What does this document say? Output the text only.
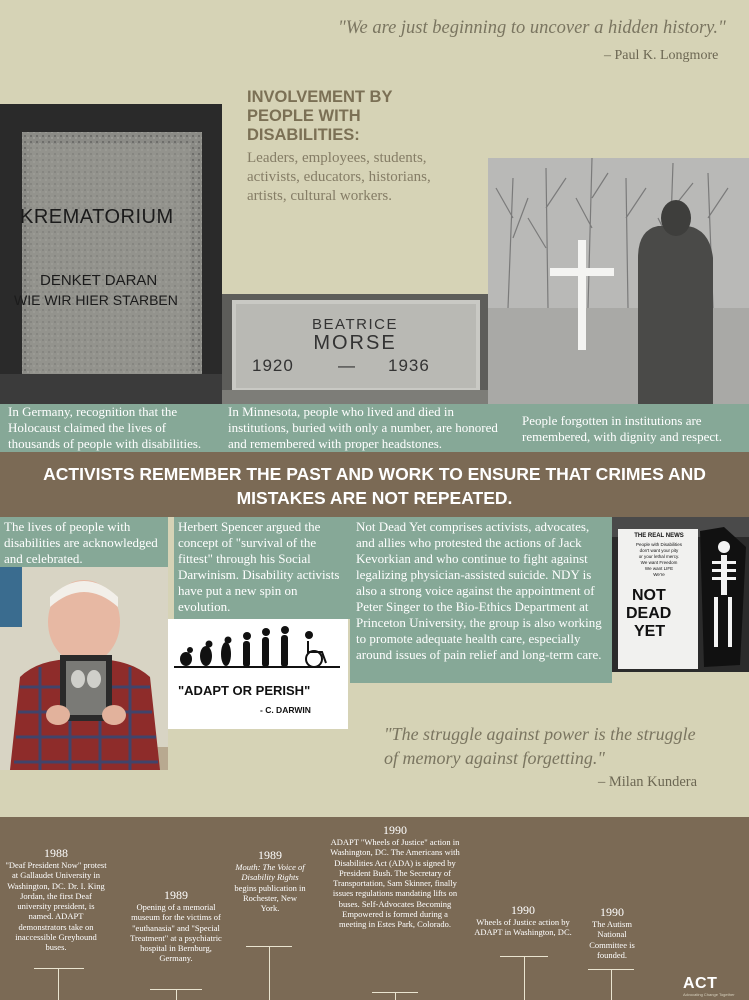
"We are just beginning to uncover a hidden history."
– Paul K. Longmore
KREMATORIUM
DENKET DARAN
WIE WIR HIER STARBEN
INVOLVEMENT BY PEOPLE WITH DISABILITIES:
Leaders, employees, students, activists, educators, historians, artists, cultural workers.
BEATRICE
MORSE
1920	— 1936
In Germany, recognition that the Holocaust claimed the lives of thousands of people with disabilities.
In Minnesota, people who lived and died in institutions, buried with only a number, are honored and remembered with proper headstones.
People forgotten in institutions are remembered, with dignity and respect.
ACTIVISTS REMEMBER THE PAST AND WORK TO ENSURE THAT CRIMES AND MISTAKES ARE NOT REPEATED.
The lives of people with disabilities are acknowledged and celebrated.
Herbert Spencer argued the concept of "survival of the fittest" through his Social Darwinism. Disability activists have put a new spin on evolution.
"ADAPT OR PERISH"
- C. DARWIN
Not Dead Yet comprises activists, advocates, and allies who protested the actions of Jack Kevorkian and who continue to fight against legalizing physician-assisted suicide. NDY is also a strong voice against the appointment of Peter Singer to the Bio-Ethics Department at Princeton University, the group is also working to promote adequate health care, especially around issues of pain relief and long-term care.
THE REAL NEWS
People with Disabilities
don't want your pity
or your lethal mercy.
We want Freedom
We want LIFE
We're
NOT
DEAD
YET
"The struggle against power is the struggle of memory against forgetting."
– Milan Kundera
1988
"Deaf President Now" protest at Gallaudet University in Washington, DC. Dr. I. King Jordan, the first Deaf university president, is named. ADAPT demonstrators take on inaccessible Greyhound buses.
1989
Opening of a memorial museum for the victims of "euthanasia" and "Special Treatment" at a psychiatric hospital in Bernburg, Germany.
1989
Mouth: The Voice of Disability Rights begins publication in Rochester, New York.
1990
ADAPT "Wheels of Justice" action in Washington, DC. The Americans with Disabilities Act (ADA) is signed by President Bush. The Secretary of Transportation, Sam Skinner, finally issues regulations mandating lifts on buses. Self-Advocates Becoming Empowered is formed during a meeting in Estes Park, Colorado.
1990
Wheels of Justice action by ADAPT in Washington, DC.
1990
The Autism National Committee is founded.
ACT
Advocating Change Together
